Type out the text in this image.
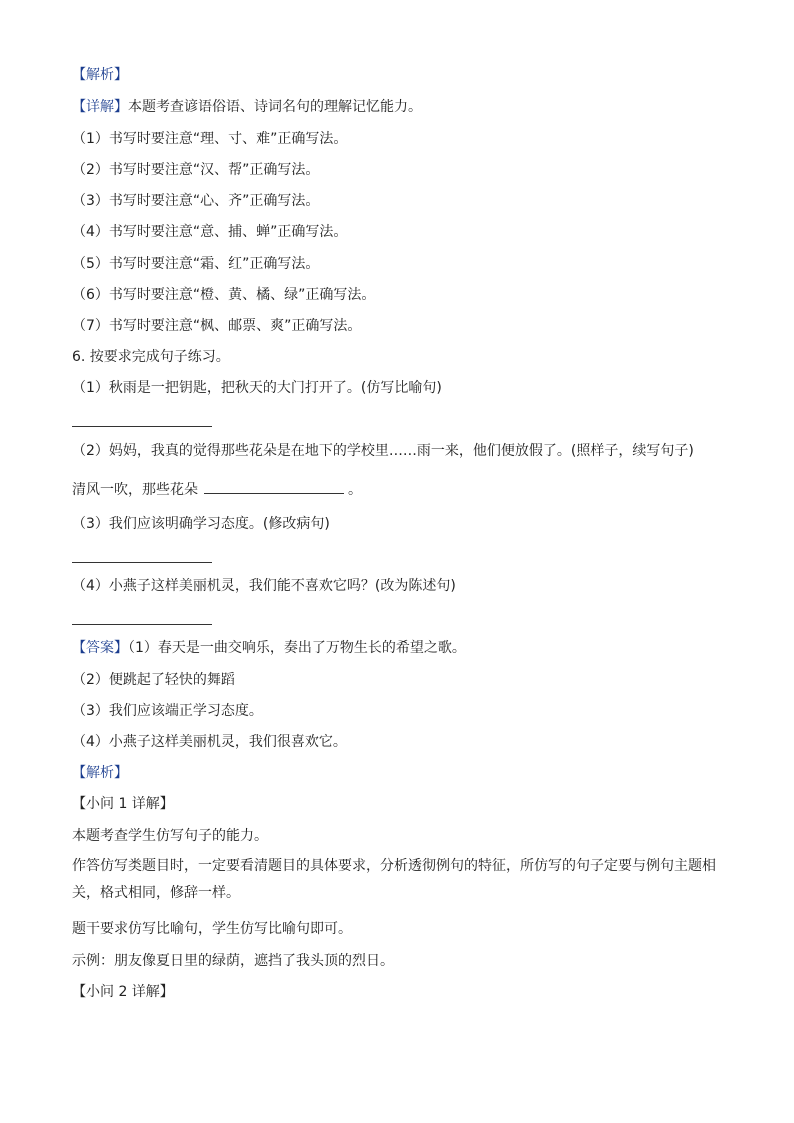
【解析】
【详解】本题考查谚语俗语、诗词名句的理解记忆能力。
（1）书写时要注意“理、寸、难”正确写法。
（2）书写时要注意“汉、帮”正确写法。
（3）书写时要注意“心、齐”正确写法。
（4）书写时要注意“意、捕、蝉”正确写法。
（5）书写时要注意“霜、红”正确写法。
（6）书写时要注意“橙、黄、橘、绿”正确写法。
（7）书写时要注意“枫、邮票、爽”正确写法。
6. 按要求完成句子练习。
（1）秋雨是一把钥匙，把秋天的大门打开了。(仿写比喻句)
（2）妈妈，我真的觉得那些花朵是在地下的学校里……雨一来，他们便放假了。(照样子，续写句子)
清风一吹，那些花朵	。
（3）我们应该明确学习态度。(修改病句)
（4）小燕子这样美丽机灵，我们能不喜欢它吗？(改为陈述句)
【答案】（1）春天是一曲交响乐，奏出了万物生长的希望之歌。
（2）便跳起了轻快的舞蹈
（3）我们应该端正学习态度。
（4）小燕子这样美丽机灵，我们很喜欢它。
【解析】
【小问 1 详解】
本题考查学生仿写句子的能力。
作答仿写类题目时，一定要看清题目的具体要求，分析透彻例句的特征，所仿写的句子定要与例句主题相关，格式相同，修辞一样。
题干要求仿写比喻句，学生仿写比喻句即可。
示例：朋友像夏日里的绿荫，遮挡了我头顶的烈日。
【小问 2 详解】
